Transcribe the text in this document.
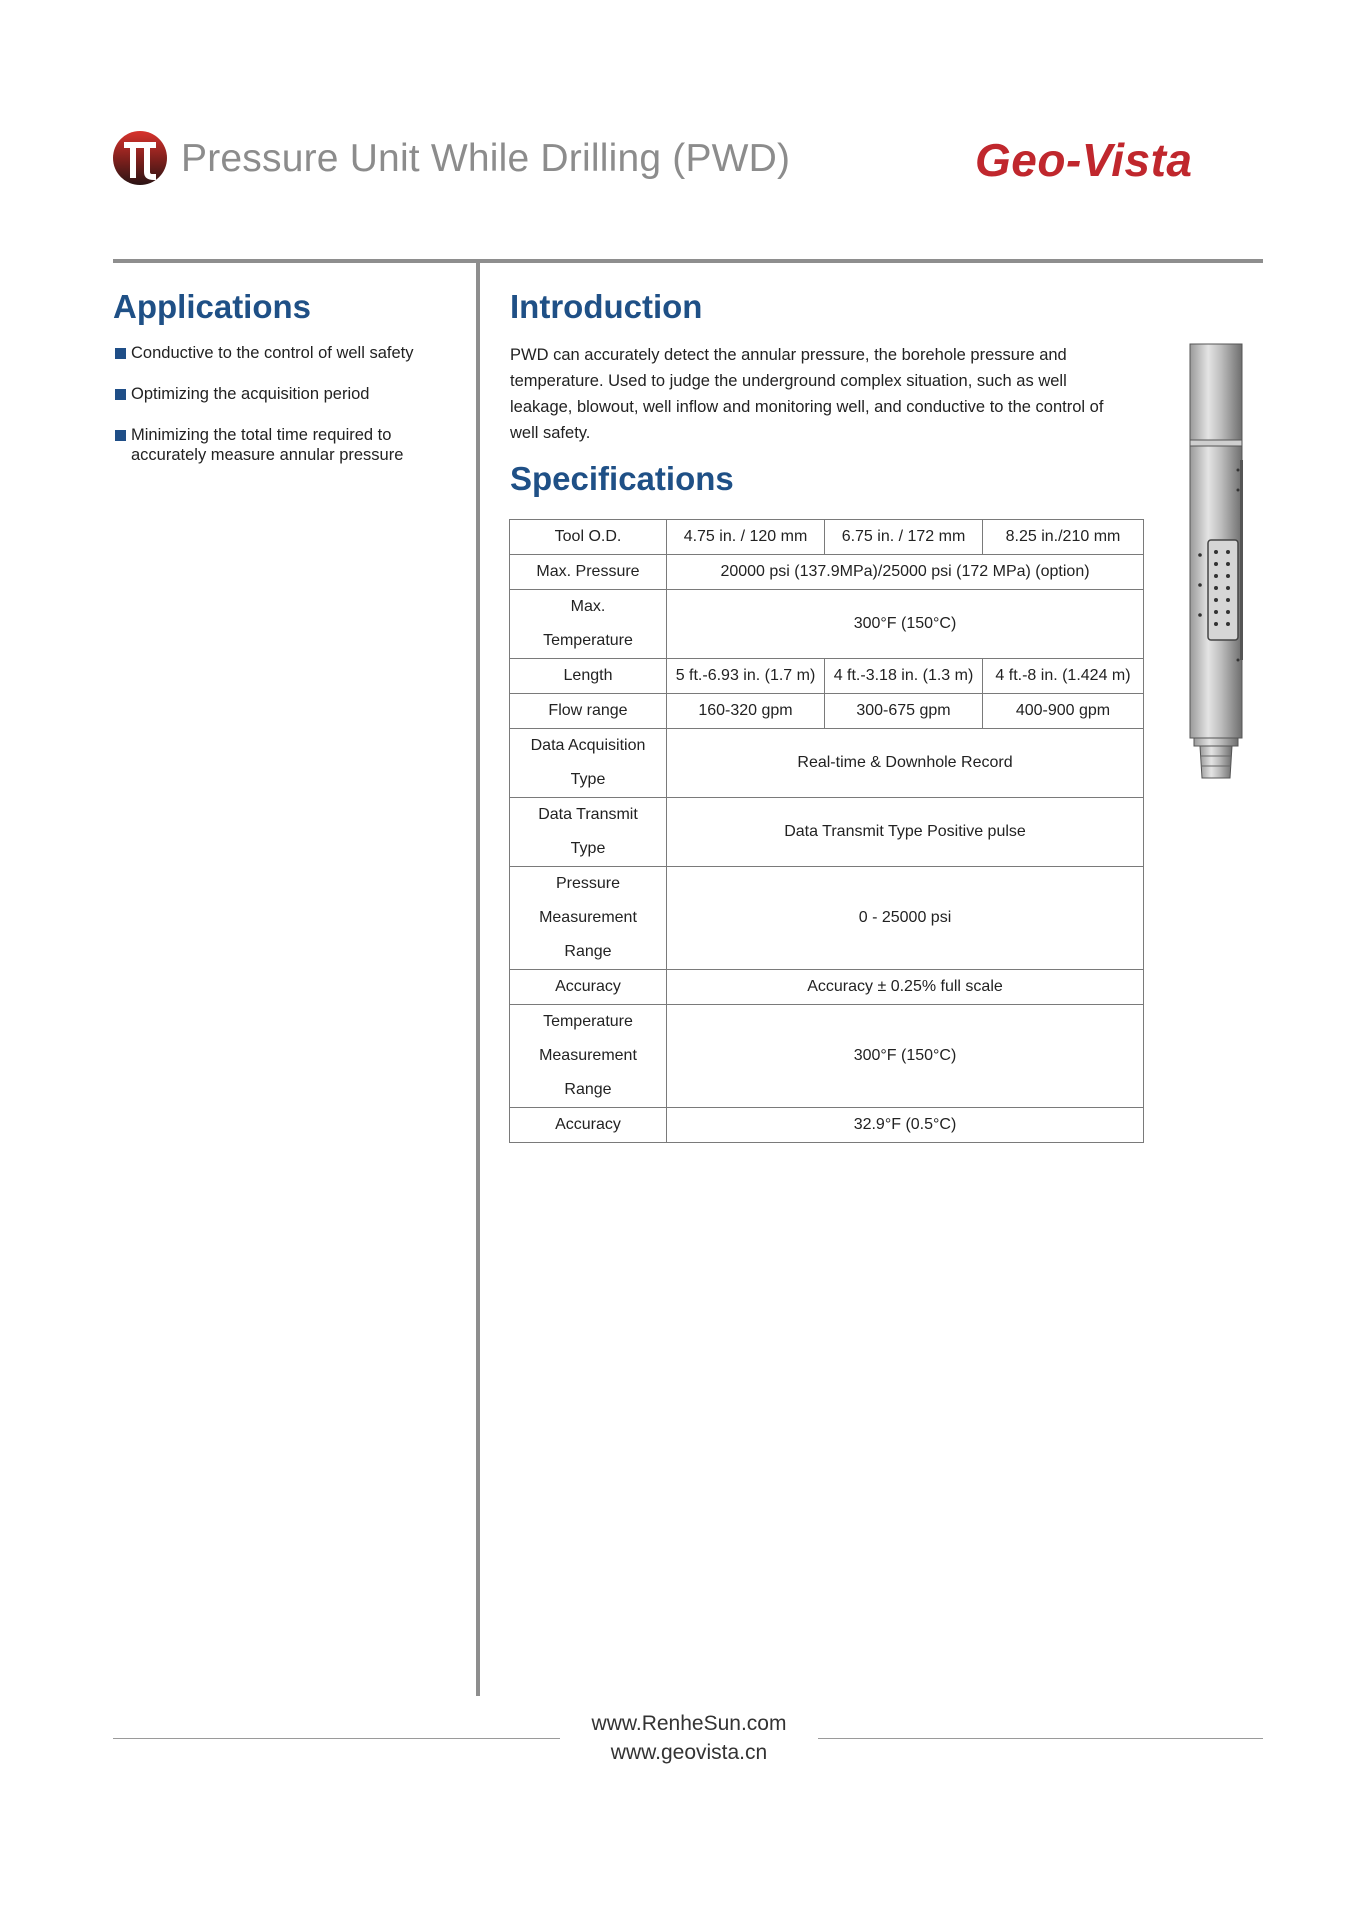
Pressure Unit While Drilling (PWD)	Geo-Vista
Applications
Conductive to the control of well safety
Optimizing the acquisition period
Minimizing the total time required to accurately measure annular pressure
Introduction
PWD can accurately detect the annular pressure, the borehole pressure and temperature. Used to judge the underground complex situation, such as well leakage, blowout, well inflow and monitoring well, and conductive to the control of well safety.
Specifications
Tool O.D.	4.75 in. / 120 mm	6.75 in. / 172 mm	8.25 in./210 mm
Max. Pressure	20000 psi (137.9MPa)/25000 psi (172 MPa) (option)		
Max. Temperature	300°F (150°C)		
Length	5 ft.-6.93 in. (1.7 m)	4 ft.-3.18 in. (1.3 m)	4 ft.-8 in. (1.424 m)
Flow range	160-320 gpm	300-675 gpm	400-900 gpm
Data Acquisition Type	Real-time & Downhole Record		
Data Transmit Type	Data Transmit Type Positive pulse		
Pressure Measurement Range	0 - 25000 psi		
Accuracy	Accuracy ± 0.25% full scale		
Temperature Measurement Range	300°F (150°C)		
Accuracy	32.9°F (0.5°C)		
www.RenheSun.com
www.geovista.cn
